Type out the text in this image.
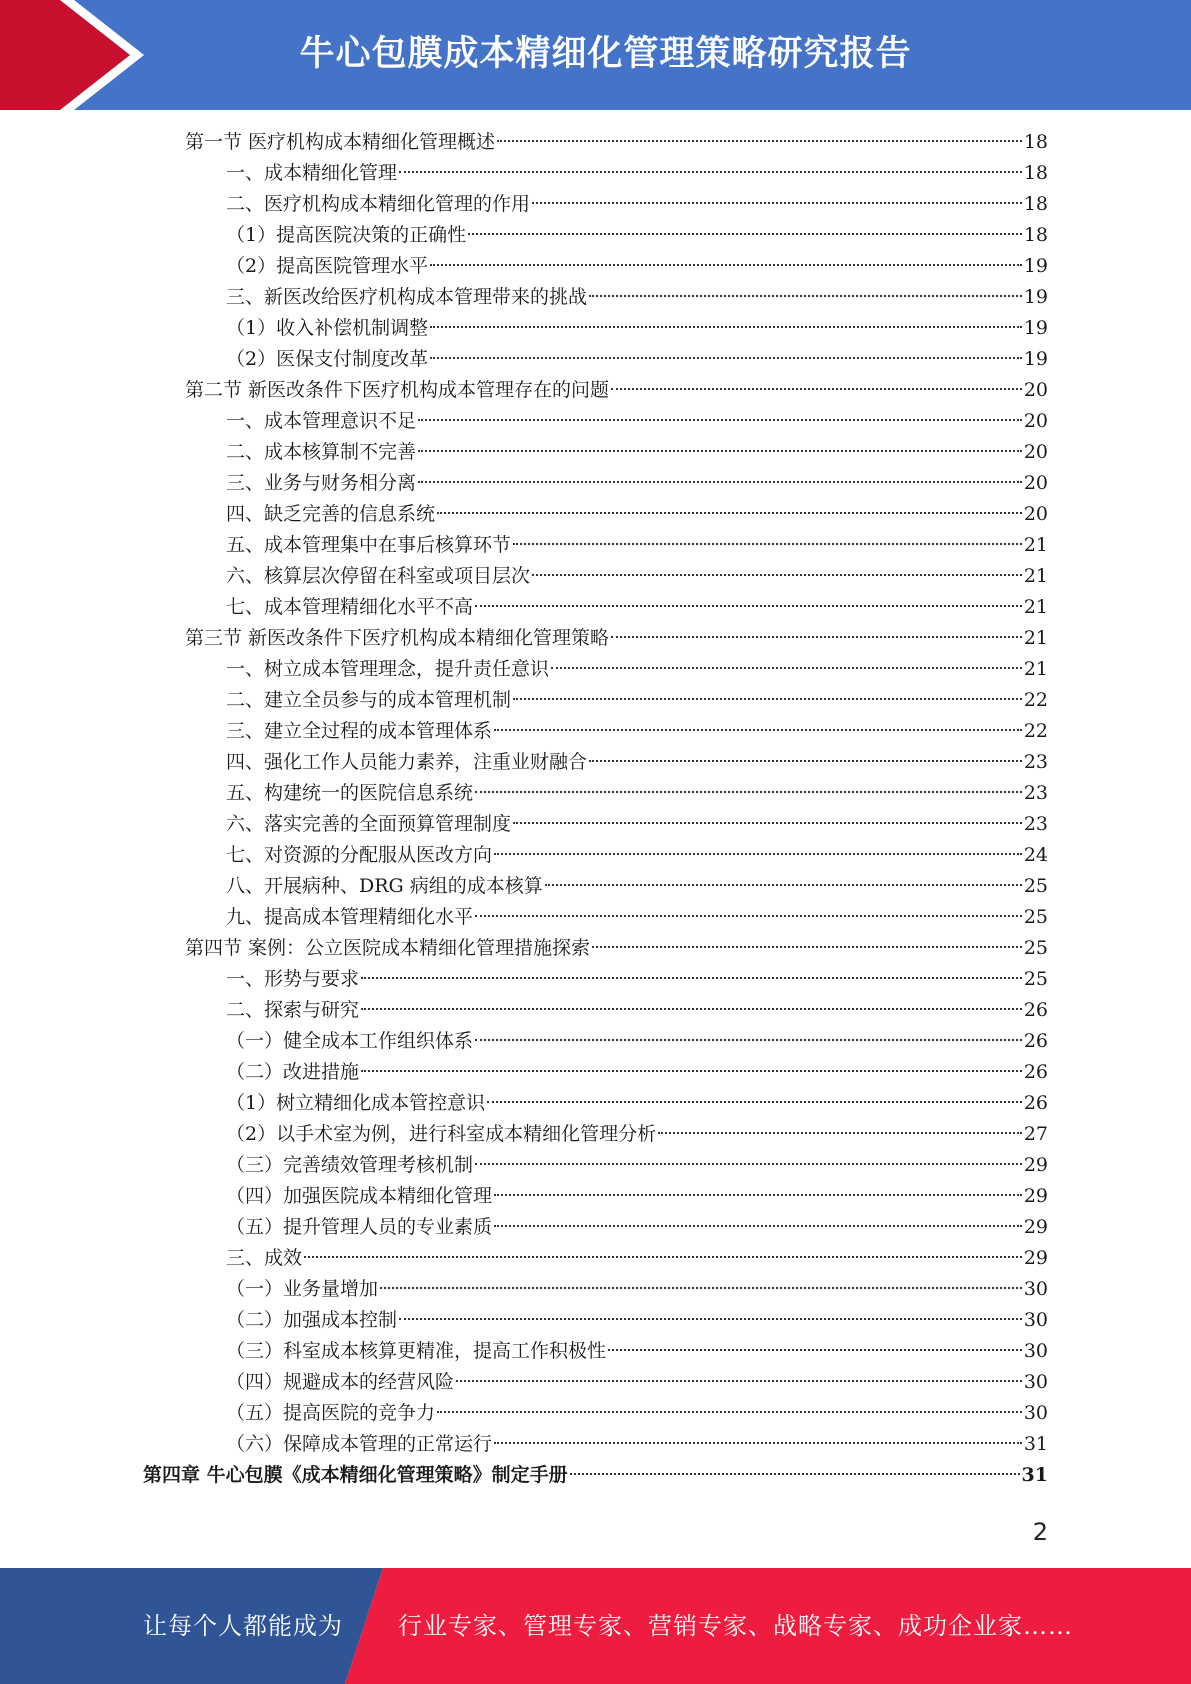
牛心包膜成本精细化管理策略研究报告
第一节 医疗机构成本精细化管理概述	18
一、成本精细化管理	18
二、医疗机构成本精细化管理的作用	18
（1）提高医院决策的正确性	18
（2）提高医院管理水平	19
三、新医改给医疗机构成本管理带来的挑战	19
（1）收入补偿机制调整	19
（2）医保支付制度改革	19
第二节 新医改条件下医疗机构成本管理存在的问题	20
一、成本管理意识不足	20
二、成本核算制不完善	20
三、业务与财务相分离	20
四、缺乏完善的信息系统	20
五、成本管理集中在事后核算环节	21
六、核算层次停留在科室或项目层次	21
七、成本管理精细化水平不高	21
第三节 新医改条件下医疗机构成本精细化管理策略	21
一、树立成本管理理念，提升责任意识	21
二、建立全员参与的成本管理机制	22
三、建立全过程的成本管理体系	22
四、强化工作人员能力素养，注重业财融合	23
五、构建统一的医院信息系统	23
六、落实完善的全面预算管理制度	23
七、对资源的分配服从医改方向	24
八、开展病种、DRG 病组的成本核算	25
九、提高成本管理精细化水平	25
第四节 案例：公立医院成本精细化管理措施探索	25
一、形势与要求	25
二、探索与研究	26
（一）健全成本工作组织体系	26
（二）改进措施	26
（1）树立精细化成本管控意识	26
（2）以手术室为例，进行科室成本精细化管理分析	27
（三）完善绩效管理考核机制	29
（四）加强医院成本精细化管理	29
（五）提升管理人员的专业素质	29
三、成效	29
（一）业务量增加	30
（二）加强成本控制	30
（三）科室成本核算更精准，提高工作积极性	30
（四）规避成本的经营风险	30
（五）提高医院的竞争力	30
（六）保障成本管理的正常运行	31
第四章 牛心包膜《成本精细化管理策略》制定手册	31
2
让每个人都能成为 行业专家、管理专家、营销专家、战略专家、成功企业家……
